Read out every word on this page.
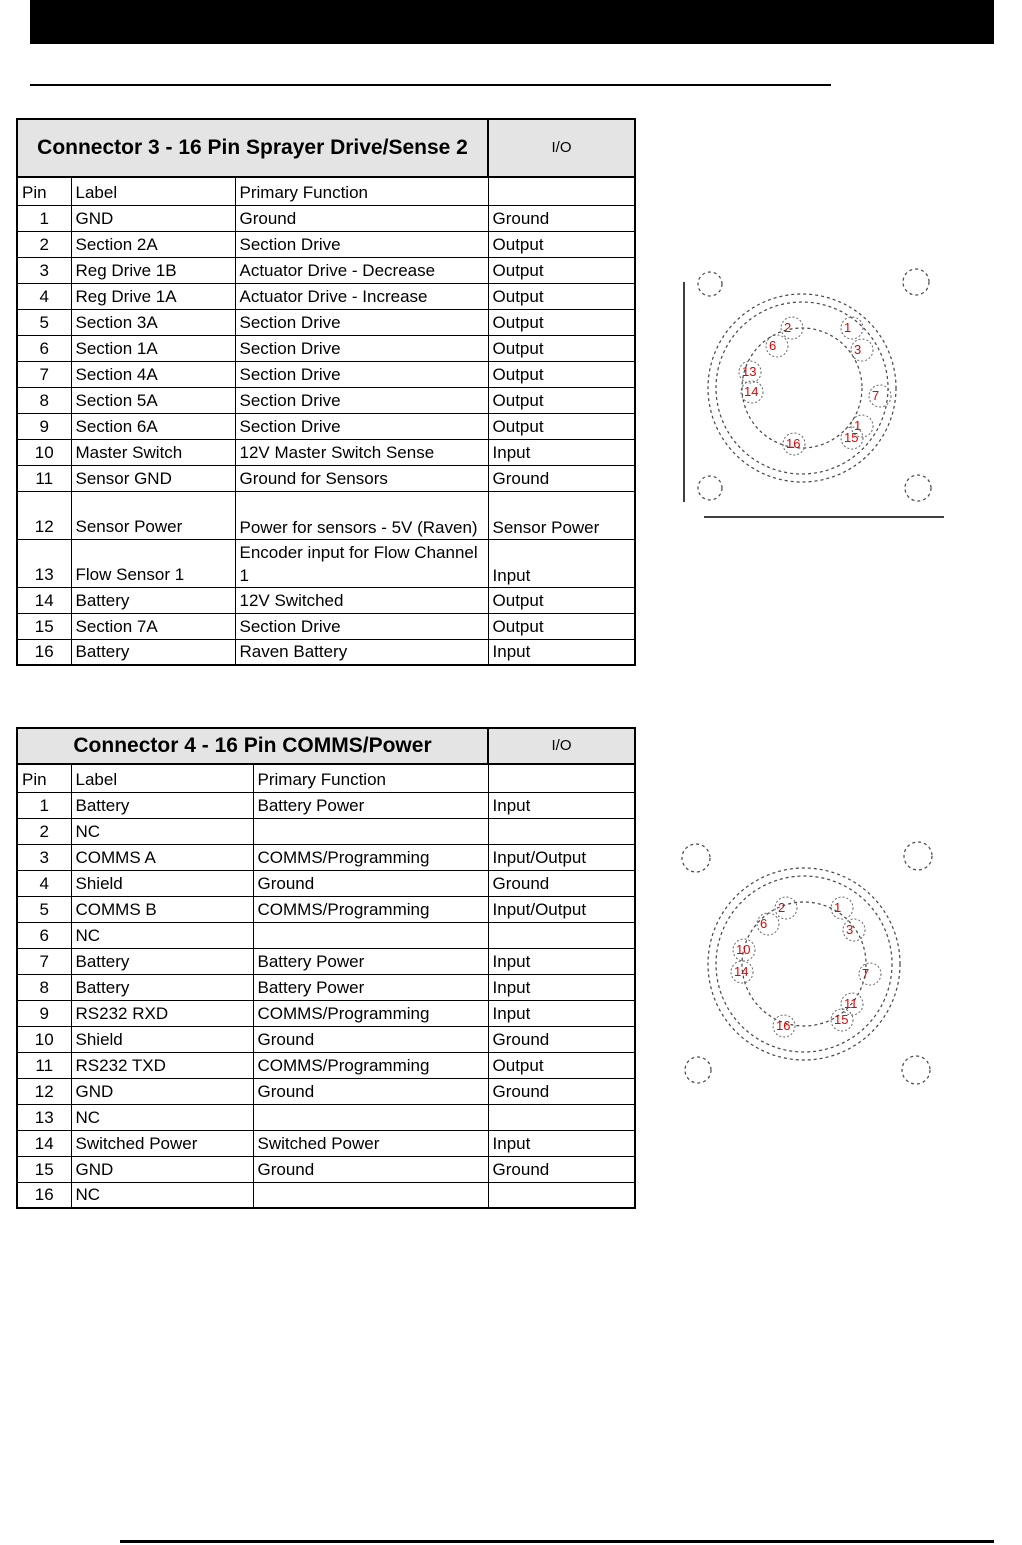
Connector 3 - 16 Pin Sprayer Drive/Sense 2			I/O
Pin	Label	Primary Function	
1	GND	Ground	Ground
2	Section 2A	Section Drive	Output
3	Reg Drive 1B	Actuator Drive - Decrease	Output
4	Reg Drive 1A	Actuator Drive - Increase	Output
5	Section 3A	Section Drive	Output
6	Section 1A	Section Drive	Output
7	Section 4A	Section Drive	Output
8	Section 5A	Section Drive	Output
9	Section 6A	Section Drive	Output
10	Master Switch	12V Master Switch Sense	Input
11	Sensor GND	Ground for Sensors	Ground
12	Sensor Power	Power for sensors - 5V (Raven)	Sensor Power
13	Flow Sensor 1	Encoder input for Flow Channel 1	Input
14	Battery	12V Switched	Output
15	Section 7A	Section Drive	Output
16	Battery	Raven Battery	Input
2	1
6	3
13
14	7
1
16	15
Connector 4 - 16 Pin COMMS/Power			I/O
Pin	Label	Primary Function	
1	Battery	Battery Power	Input
2	NC		
3	COMMS A	COMMS/Programming	Input/Output
4	Shield	Ground	Ground
5	COMMS B	COMMS/Programming	Input/Output
6	NC		
7	Battery	Battery Power	Input
8	Battery	Battery Power	Input
9	RS232 RXD	COMMS/Programming	Input
10	Shield	Ground	Ground
11	RS232 TXD	COMMS/Programming	Output
12	GND	Ground	Ground
13	NC		
14	Switched Power	Switched Power	Input
15	GND	Ground	Ground
16	NC		
2	1
6	3
10
14	7
11
16	15
